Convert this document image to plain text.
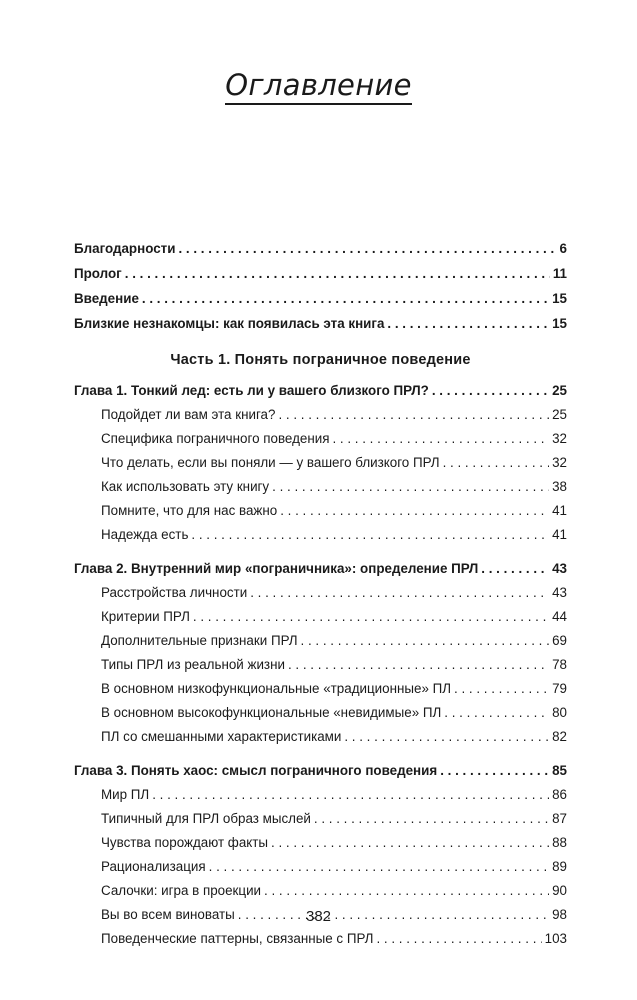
Оглавление
Благодарности . . .	6
Пролог . . .	11
Введение . . .	15
Близкие незнакомцы: как появилась эта книга . . .	15
Часть 1. Понять пограничное поведение
Глава 1. Тонкий лед: есть ли у вашего близкого ПРЛ? . . .	25
Подойдет ли вам эта книга? . . .	25
Специфика пограничного поведения . . .	32
Что делать, если вы поняли — у вашего близкого ПРЛ . . .	32
Как использовать эту книгу . . .	38
Помните, что для нас важно . . .	41
Надежда есть . . .	41
Глава 2. Внутренний мир «пограничника»: определение ПРЛ . . .	43
Расстройства личности . . .	43
Критерии ПРЛ . . .	44
Дополнительные признаки ПРЛ . . .	69
Типы ПРЛ из реальной жизни . . .	78
В основном низкофункциональные «традиционные» ПЛ . . .	79
В основном высокофункциональные «невидимые» ПЛ . . .	80
ПЛ со смешанными характеристиками . . .	82
Глава 3. Понять хаос: смысл пограничного поведения . . .	85
Мир ПЛ . . .	86
Типичный для ПРЛ образ мыслей . . .	87
Чувства порождают факты . . .	88
Рационализация . . .	89
Салочки: игра в проекции . . .	90
Вы во всем виноваты . . .	98
Поведенческие паттерны, связанные с ПРЛ . . .	103
382
